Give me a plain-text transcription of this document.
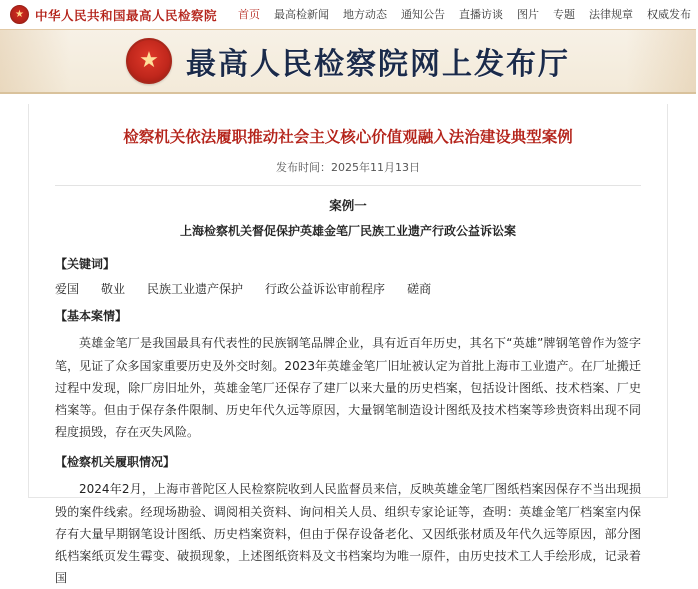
★
中华人民共和国最高人民检察院	首页	最高检新闻	地方动态	通知公告	直播访谈	图片	专题	法律规章	权威发布
★
最高人民检察院网上发布厅
检察机关依法履职推动社会主义核心价值观融入法治建设典型案例
发布时间：2025年11月13日
案例一
上海检察机关督促保护英雄金笔厂民族工业遗产行政公益诉讼案
【关键词】
爱国 敬业 民族工业遗产保护 行政公益诉讼审前程序 磋商
【基本案情】

英雄金笔厂是我国最具有代表性的民族钢笔品牌企业，具有近百年历史，其名下“英雄”牌钢笔曾作为签字笔，见证了众多国家重要历史及外交时刻。2023年英雄金笔厂旧址被认定为首批上海市工业遗产。在厂址搬迁过程中发现，除厂房旧址外，英雄金笔厂还保存了建厂以来大量的历史档案，包括设计图纸、技术档案、厂史档案等。但由于保存条件限制、历史年代久远等原因，大量钢笔制造设计图纸及技术档案等珍贵资料出现不同程度损毁，存在灭失风险。

【检察机关履职情况】

2024年2月，上海市普陀区人民检察院收到人民监督员来信，反映英雄金笔厂图纸档案因保存不当出现损毁的案件线索。经现场勘验、调阅相关资料、询问相关人员、组织专家论证等，查明：英雄金笔厂档案室内保存有大量早期钢笔设计图纸、历史档案资料，但由于保存设备老化、又因纸张材质及年代久远等原因，部分图纸档案纸页发生霉变、破损现象，上述图纸资料及文书档案均为唯一原件，由历史技术工人手绘形成，记录着国
